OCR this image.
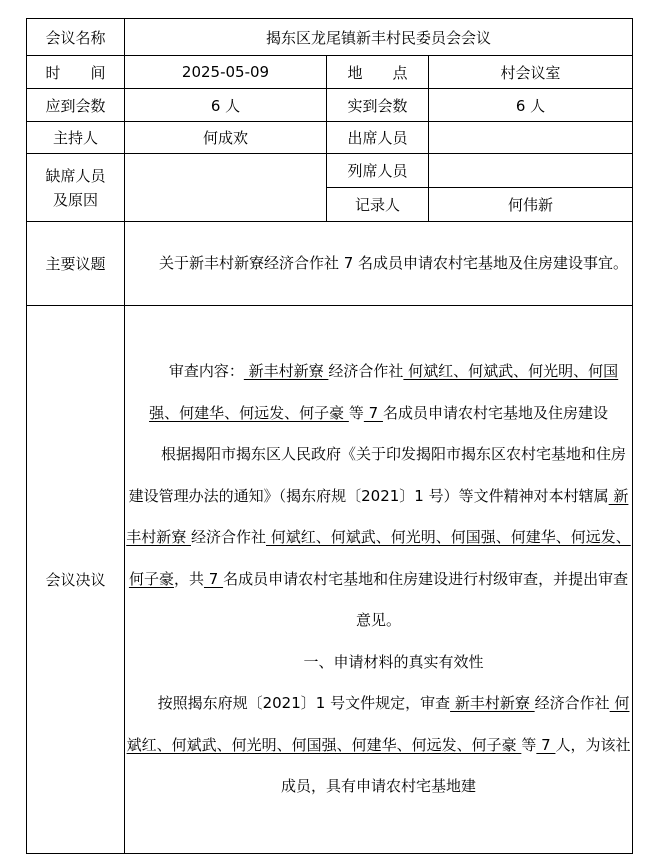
会议名称	揭东区龙尾镇新丰村民委员会会议		
时　　间	2025-05-09	地　　点	村会议室
应到会数	6 人	实到会数	6 人
主持人	何成欢	出席人员	

缺席人员
及原因		列席人员	
		记录人	何伟新
主要议题	关于新丰村新寮经济合作社 7 名成员申请农村宅基地及住房建设事宜。		

会议决议	审查内容： 新丰村新寮 经济合作社 何斌红、何斌武、何光明、何国强、何建华、何远发、何子豪 等 7 名成员申请农村宅基地及住房建设

根据揭阳市揭东区人民政府《关于印发揭阳市揭东区农村宅基地和住房建设管理办法的通知》（揭东府规〔2021〕1 号）等文件精神对本村辖属 新丰村新寮 经济合作社 何斌红、何斌武、何光明、何国强、何建华、何远发、何子豪，共 7 名成员申请农村宅基地和住房建设进行村级审查，并提出审查意见。

一、申请材料的真实有效性

按照揭东府规〔2021〕1 号文件规定，审查 新丰村新寮 经济合作社 何斌红、何斌武、何光明、何国强、何建华、何远发、何子豪 等 7 人，为该社成员，具有申请农村宅基地建		
